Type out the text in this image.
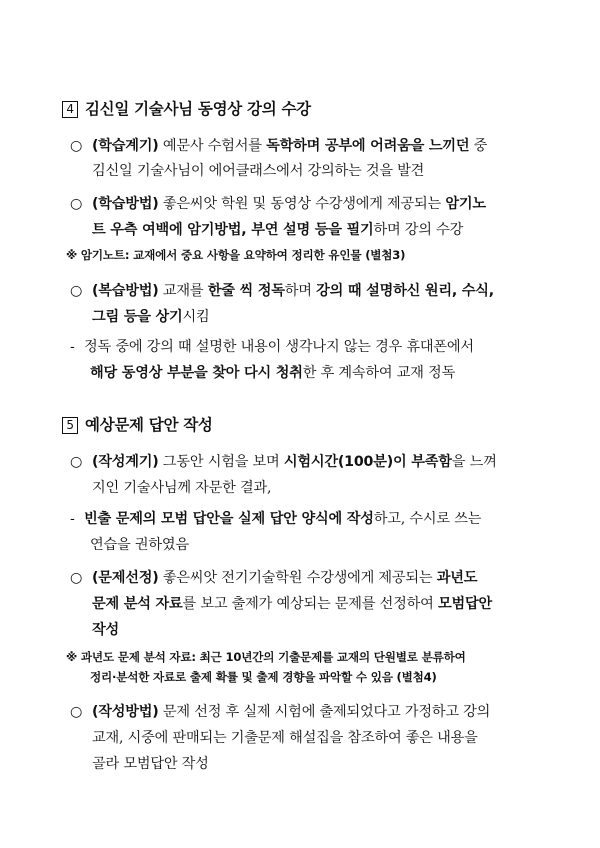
4 김신일 기술사님 동영상 강의 수강
○ (학습계기) 예문사 수험서를 독학하며 공부에 어려움을 느끼던 중
김신일 기술사님이 에어클래스에서 강의하는 것을 발견
○ (학습방법) 좋은씨앗 학원 및 동영상 수강생에게 제공되는 암기노
트 우측 여백에 암기방법, 부연 설명 등을 필기하며 강의 수강
※ 암기노트: 교재에서 중요 사항을 요약하여 정리한 유인물 (별첨3)
○ (복습방법) 교재를 한줄 씩 정독하며 강의 때 설명하신 원리, 수식,
그림 등을 상기시킴
- 정독 중에 강의 때 설명한 내용이 생각나지 않는 경우 휴대폰에서
해당 동영상 부분을 찾아 다시 청취한 후 계속하여 교재 정독
5 예상문제 답안 작성
○ (작성계기) 그동안 시험을 보며 시험시간(100분)이 부족함을 느껴
지인 기술사님께 자문한 결과,
- 빈출 문제의 모범 답안을 실제 답안 양식에 작성하고, 수시로 쓰는
연습을 권하였음
○ (문제선정) 좋은씨앗 전기기술학원 수강생에게 제공되는 과년도
문제 분석 자료를 보고 출제가 예상되는 문제를 선정하여 모범답안
작성
※ 과년도 문제 분석 자료: 최근 10년간의 기출문제를 교재의 단원별로 분류하여
정리·분석한 자료로 출제 확률 및 출제 경향을 파악할 수 있음 (별첨4)
○ (작성방법) 문제 선정 후 실제 시험에 출제되었다고 가정하고 강의
교재, 시중에 판매되는 기출문제 해설집을 참조하여 좋은 내용을
골라 모범답안 작성
